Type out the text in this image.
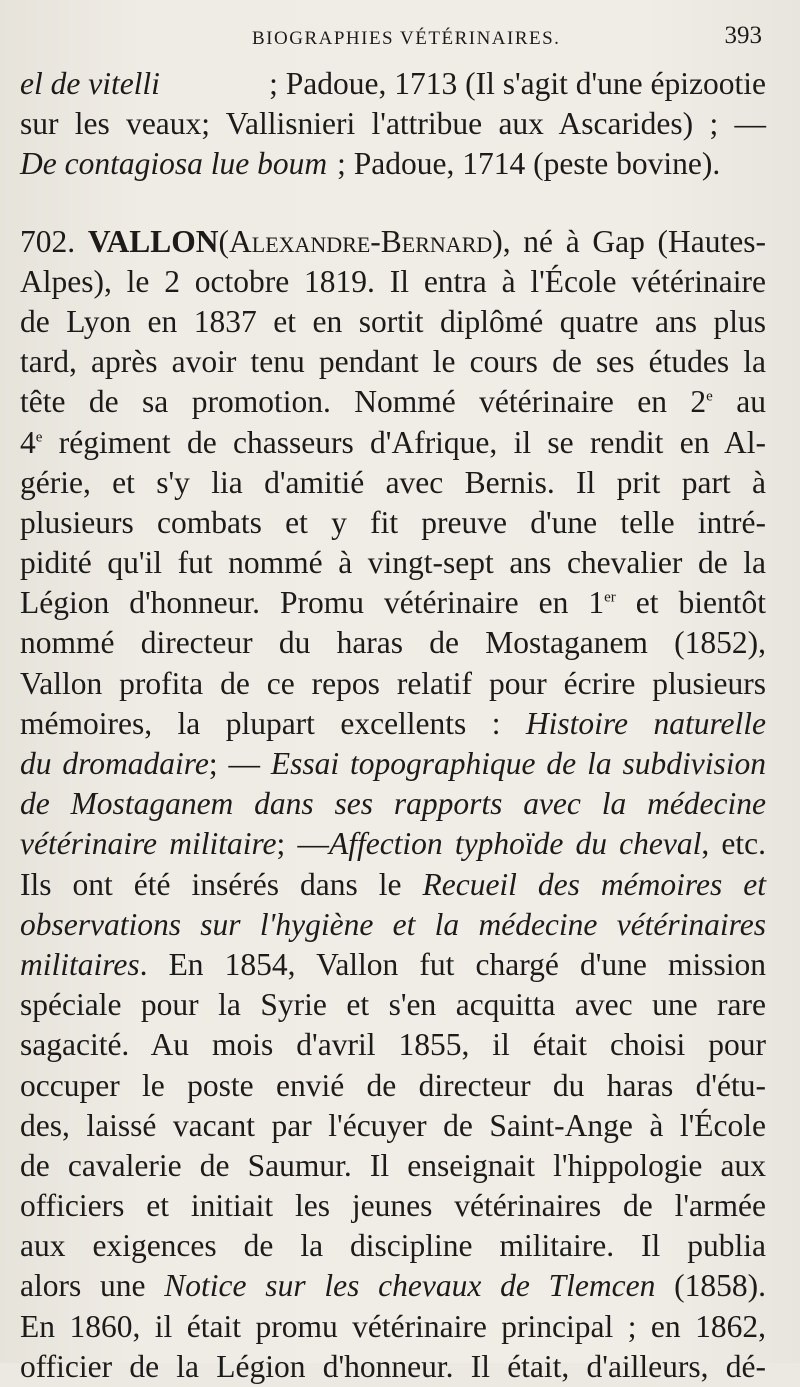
BIOGRAPHIES VÉTÉRINAIRES.	393
el de vitelli	; Padoue, 1713 (Il s'agit d'une épizootie
sur les veaux; Vallisnieri l'attribue aux Ascarides) ; —
De contagiosa lue boum ; Padoue, 1714 (peste bovine).
702. VALLON(Alexandre-Bernard), né à Gap (Hautes-
Alpes), le 2 octobre 1819. Il entra à l'École vétérinaire
de Lyon en 1837 et en sortit diplômé quatre ans plus
tard, après avoir tenu pendant le cours de ses études la
tête de sa promotion. Nommé vétérinaire en 2e au
4e régiment de chasseurs d'Afrique, il se rendit en Al-
gérie, et s'y lia d'amitié avec Bernis. Il prit part à
plusieurs combats et y fit preuve d'une telle intré-
pidité qu'il fut nommé à vingt-sept ans chevalier de la
Légion d'honneur. Promu vétérinaire en 1er et bientôt
nommé directeur du haras de Mostaganem (1852),
Vallon profita de ce repos relatif pour écrire plusieurs
mémoires, la plupart excellents : Histoire naturelle
du dromadaire; — Essai topographique de la subdivision
de Mostaganem dans ses rapports avec la médecine
vétérinaire militaire; —Affection typhoïde du cheval, etc.
Ils ont été insérés dans le Recueil des mémoires et
observations sur l'hygiène et la médecine vétérinaires
militaires. En 1854, Vallon fut chargé d'une mission
spéciale pour la Syrie et s'en acquitta avec une rare
sagacité. Au mois d'avril 1855, il était choisi pour
occuper le poste envié de directeur du haras d'étu-
des, laissé vacant par l'écuyer de Saint-Ange à l'École
de cavalerie de Saumur. Il enseignait l'hippologie aux
officiers et initiait les jeunes vétérinaires de l'armée
aux exigences de la discipline militaire. Il publia
alors une Notice sur les chevaux de Tlemcen (1858).
En 1860, il était promu vétérinaire principal ; en 1862,
officier de la Légion d'honneur. Il était, d'ailleurs, dé-
